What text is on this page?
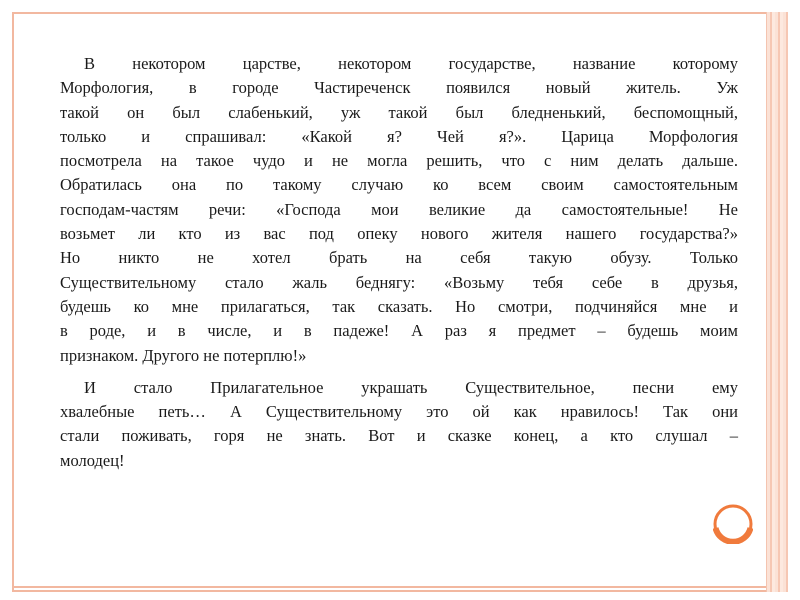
В некотором царстве, некотором государстве, название которому
Морфология, в городе Частиреченск появился новый житель. Уж
такой он был слабенький, уж такой был бледненький, беспомощный,
только и спрашивал: «Какой я? Чей я?». Царица Морфология
посмотрела на такое чудо и не могла решить, что с ним делать дальше.
Обратилась она по такому случаю ко всем своим самостоятельным
господам-частям речи: «Господа мои великие да самостоятельные! Не
возьмет ли кто из вас под опеку нового жителя нашего государства?»
Но никто не хотел брать на себя такую обузу. Только
Существительному стало жаль беднягу: «Возьму тебя себе в друзья,
будешь ко мне прилагаться, так сказать. Но смотри, подчиняйся мне и
в роде, и в числе, и в падеже! А раз я предмет – будешь моим
признаком. Другого не потерплю!»
И стало Прилагательное украшать Существительное, песни ему
хвалебные петь… А Существительному это ой как нравилось! Так они
стали поживать, горя не знать. Вот и сказке конец, а кто слушал –
молодец!
